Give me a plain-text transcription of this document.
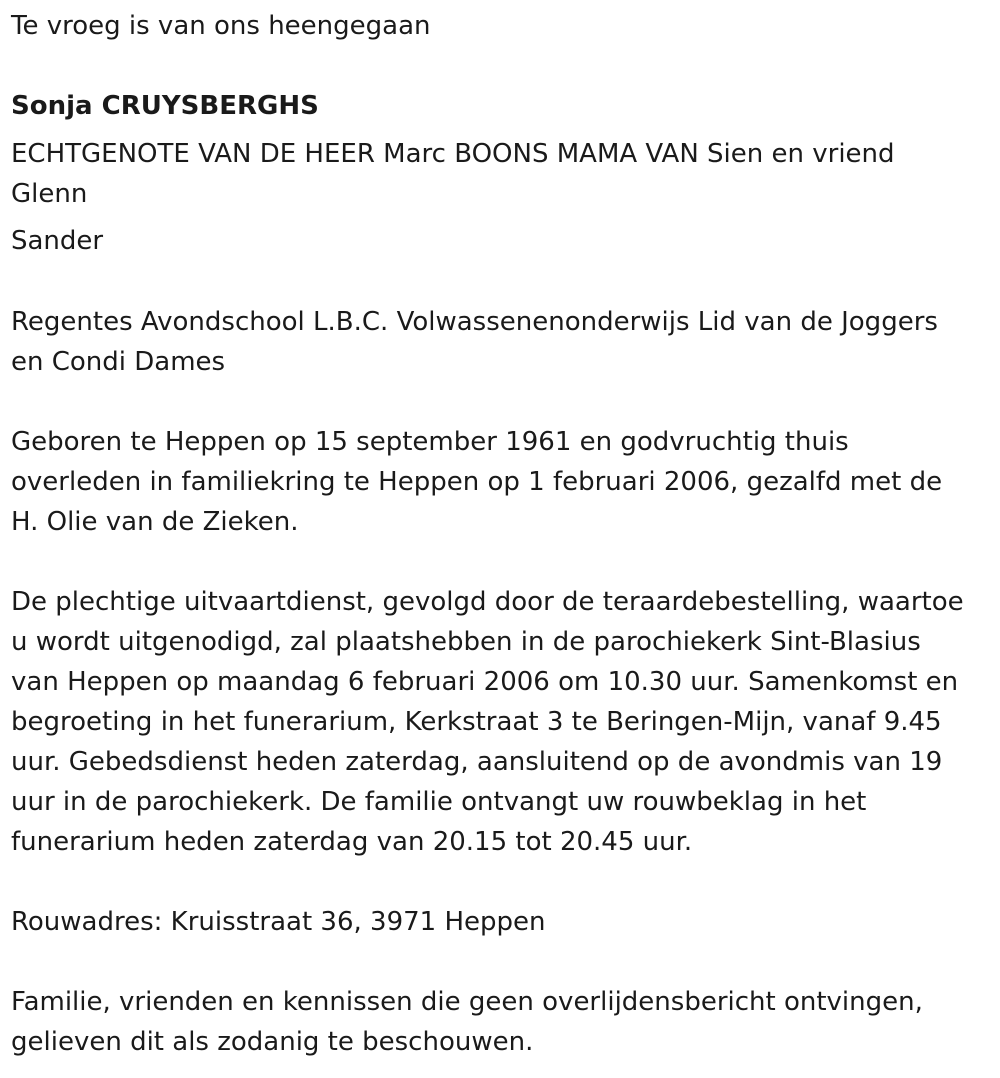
Te vroeg is van ons heengegaan
Sonja CRUYSBERGHS
ECHTGENOTE VAN DE HEER Marc BOONS MAMA VAN Sien en vriend
Glenn
Sander
Regentes Avondschool L.B.C. Volwassenenonderwijs Lid van de Joggers
en Condi Dames
Geboren te Heppen op 15 september 1961 en godvruchtig thuis
overleden in familiekring te Heppen op 1 februari 2006, gezalfd met de
H. Olie van de Zieken.
De plechtige uitvaartdienst, gevolgd door de teraardebestelling, waartoe
u wordt uitgenodigd, zal plaatshebben in de parochiekerk Sint-Blasius
van Heppen op maandag 6 februari 2006 om 10.30 uur. Samenkomst en
begroeting in het funerarium, Kerkstraat 3 te Beringen-Mijn, vanaf 9.45
uur. Gebedsdienst heden zaterdag, aansluitend op de avondmis van 19
uur in de parochiekerk. De familie ontvangt uw rouwbeklag in het
funerarium heden zaterdag van 20.15 tot 20.45 uur.
Rouwadres: Kruisstraat 36, 3971 Heppen
Familie, vrienden en kennissen die geen overlijdensbericht ontvingen,
gelieven dit als zodanig te beschouwen.
